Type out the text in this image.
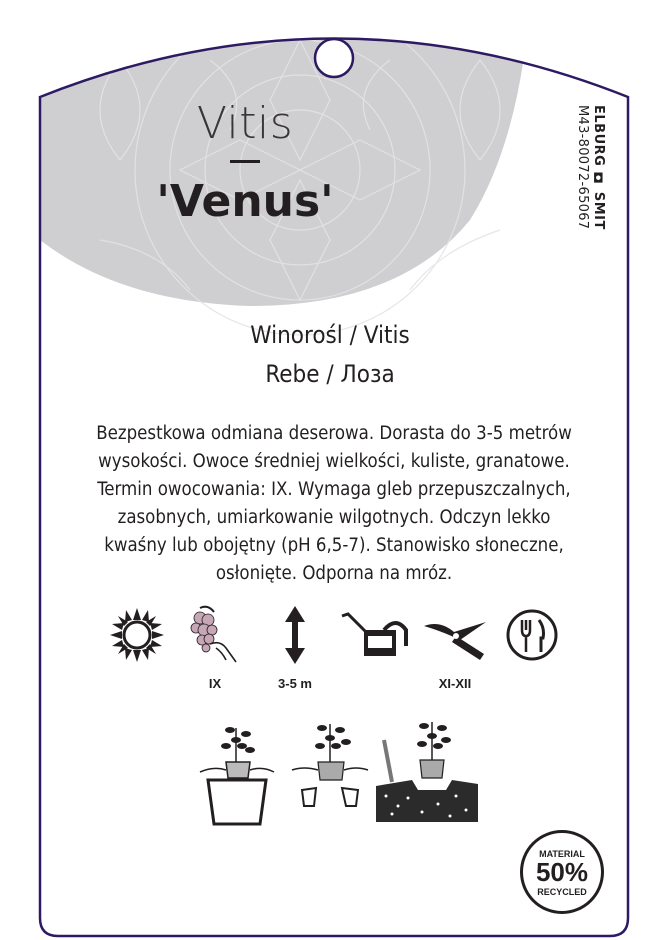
Vitis
'Venus'	ELBURG ◘ SMIT
M43-80072-65067
Winorośl / Vitis
Rebe / Лоза
Bezpestkowa odmiana deserowa. Dorasta do 3-5 metrów
wysokości. Owoce średniej wielkości, kuliste, granatowe.
Termin owocowania: IX. Wymaga gleb przepuszczalnych,
zasobnych, umiarkowanie wilgotnych. Odczyn lekko
kwaśny lub obojętny (pH 6,5-7). Stanowisko słoneczne,
osłonięte. Odporna na mróz.
IX	3-5 m	XI-XII
MATERIAL
50%
RECYCLED
